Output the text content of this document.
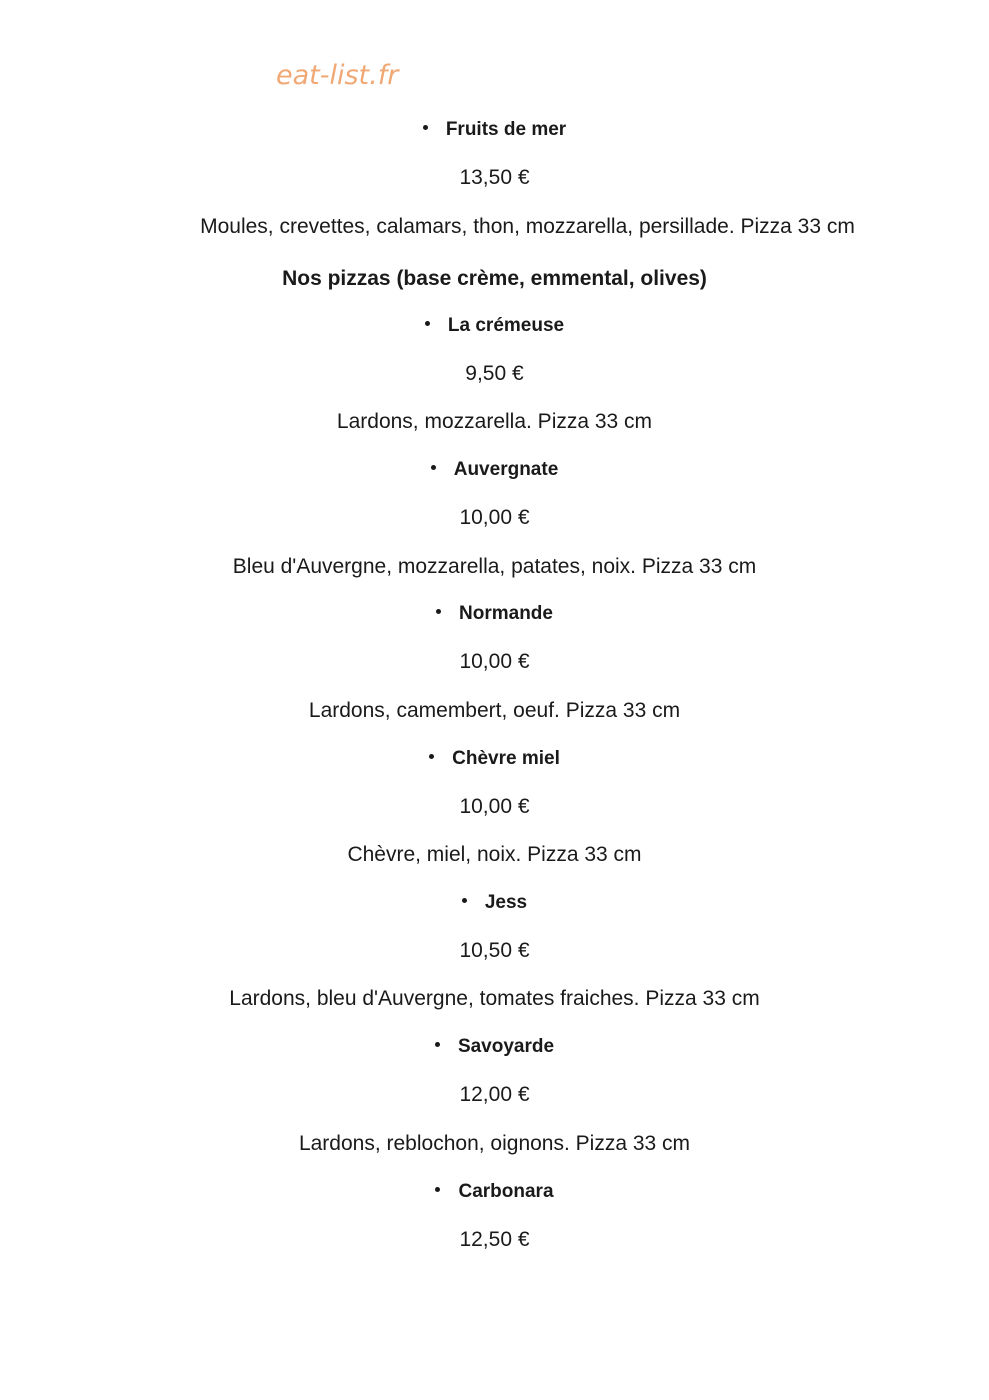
eat-list.fr
Fruits de mer
13,50 €
Moules, crevettes, calamars, thon, mozzarella, persillade. Pizza 33 cm
Nos pizzas (base crème, emmental, olives)
La crémeuse
9,50 €
Lardons, mozzarella. Pizza 33 cm
Auvergnate
10,00 €
Bleu d'Auvergne, mozzarella, patates, noix. Pizza 33 cm
Normande
10,00 €
Lardons, camembert, oeuf. Pizza 33 cm
Chèvre miel
10,00 €
Chèvre, miel, noix. Pizza 33 cm
Jess
10,50 €
Lardons, bleu d'Auvergne, tomates fraiches. Pizza 33 cm
Savoyarde
12,00 €
Lardons, reblochon, oignons. Pizza 33 cm
Carbonara
12,50 €
